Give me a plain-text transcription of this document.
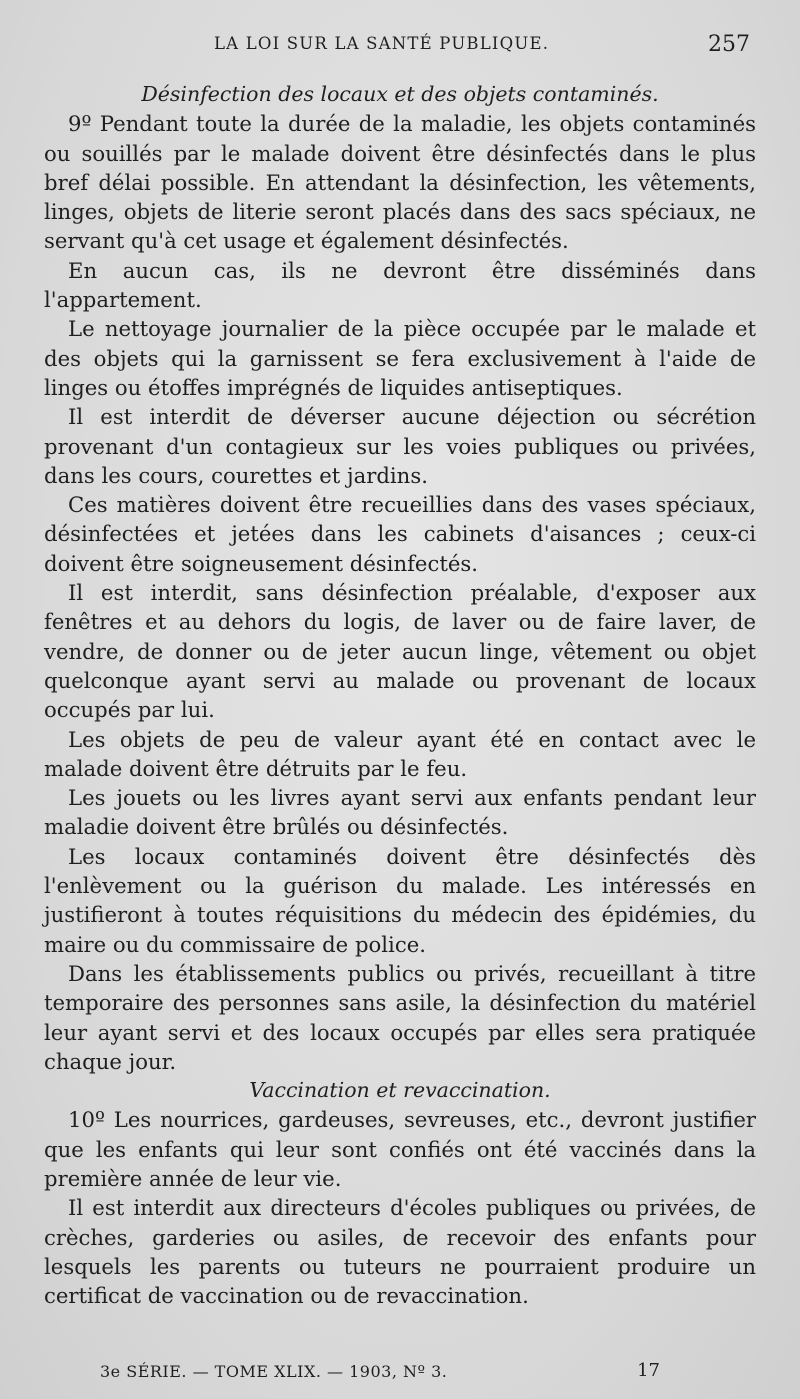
LA LOI SUR LA SANTÉ PUBLIQUE.	257

Désinfection des locaux et des objets contaminés.

9º Pendant toute la durée de la maladie, les objets contaminés ou souillés par le malade doivent être désinfectés dans le plus bref délai possible. En attendant la désinfection, les vêtements, linges, objets de literie seront placés dans des sacs spéciaux, ne servant qu'à cet usage et également désinfectés.

En aucun cas, ils ne devront être disséminés dans l'appartement.

Le nettoyage journalier de la pièce occupée par le malade et des objets qui la garnissent se fera exclusivement à l'aide de linges ou étoffes imprégnés de liquides antiseptiques.

Il est interdit de déverser aucune déjection ou sécrétion provenant d'un contagieux sur les voies publiques ou privées, dans les cours, courettes et jardins.

Ces matières doivent être recueillies dans des vases spéciaux, désinfectées et jetées dans les cabinets d'aisances ; ceux-ci doivent être soigneusement désinfectés.

Il est interdit, sans désinfection préalable, d'exposer aux fenêtres et au dehors du logis, de laver ou de faire laver, de vendre, de donner ou de jeter aucun linge, vêtement ou objet quelconque ayant servi au malade ou provenant de locaux occupés par lui.

Les objets de peu de valeur ayant été en contact avec le malade doivent être détruits par le feu.

Les jouets ou les livres ayant servi aux enfants pendant leur maladie doivent être brûlés ou désinfectés.

Les locaux contaminés doivent être désinfectés dès l'enlèvement ou la guérison du malade. Les intéressés en justifieront à toutes réquisitions du médecin des épidémies, du maire ou du commissaire de police.

Dans les établissements publics ou privés, recueillant à titre temporaire des personnes sans asile, la désinfection du matériel leur ayant servi et des locaux occupés par elles sera pratiquée chaque jour.

Vaccination et revaccination.

10º Les nourrices, gardeuses, sevreuses, etc., devront justifier que les enfants qui leur sont confiés ont été vaccinés dans la première année de leur vie.

Il est interdit aux directeurs d'écoles publiques ou privées, de crèches, garderies ou asiles, de recevoir des enfants pour lesquels les parents ou tuteurs ne pourraient produire un certificat de vaccination ou de revaccination.

3e SÉRIE. — TOME XLIX. — 1903, Nº 3.	17
